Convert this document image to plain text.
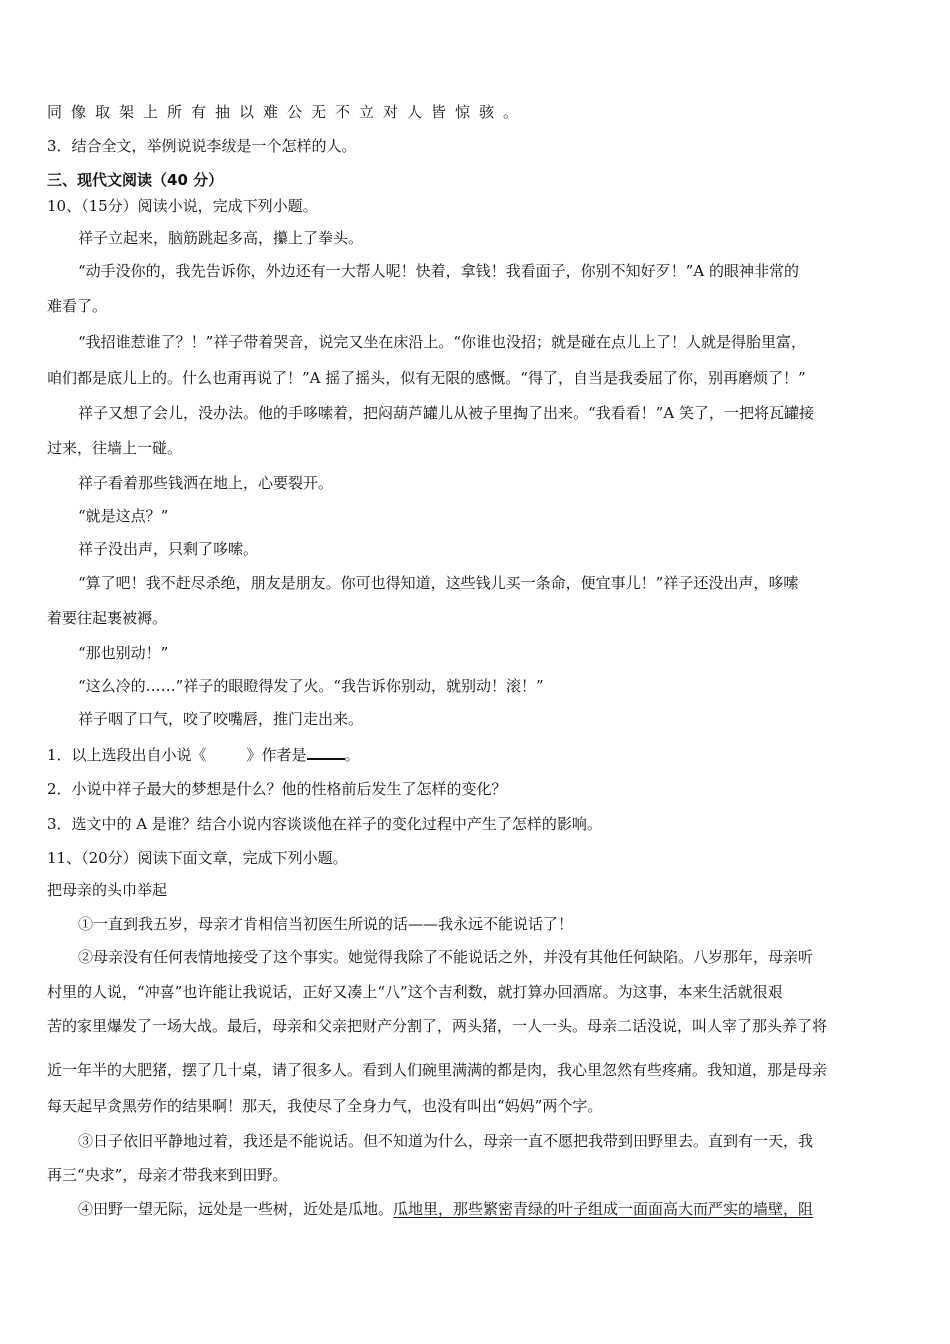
同像取架上所有抽以难公无不立对人皆惊骇。
3．结合全文，举例说说李绂是一个怎样的人。
三、现代文阅读（40 分）
10、（15分）阅读小说，完成下列小题。
祥子立起来，脑筋跳起多高，攥上了拳头。
“动手没你的，我先告诉你，外边还有一大帮人呢！快着，拿钱！我看面子，你别不知好歹！”A 的眼神非常的
难看了。
“我招谁惹谁了？！”祥子带着哭音，说完又坐在床沿上。“你谁也没招；就是碰在点儿上了！人就是得胎里富，
咱们都是底儿上的。什么也甭再说了！”A 摇了摇头，似有无限的感慨。“得了，自当是我委屈了你，别再磨烦了！”
祥子又想了会儿，没办法。他的手哆嗦着，把闷葫芦罐儿从被子里掏了出来。“我看看！”A 笑了，一把将瓦罐接
过来，往墙上一碰。
祥子看着那些钱洒在地上，心要裂开。
“就是这点？”
祥子没出声，只剩了哆嗦。
“算了吧！我不赶尽杀绝，朋友是朋友。你可也得知道，这些钱儿买一条命，便宜事儿！”祥子还没出声，哆嗦
着要往起裹被褥。
“那也别动！”
“这么冷的……”祥子的眼瞪得发了火。“我告诉你别动，就别动！滚！”
祥子咽了口气，咬了咬嘴唇，推门走出来。
1．以上选段出自小说《	》作者是	。
2．小说中祥子最大的梦想是什么？他的性格前后发生了怎样的变化？
3．选文中的 A 是谁？结合小说内容谈谈他在祥子的变化过程中产生了怎样的影响。
11、（20分）阅读下面文章，完成下列小题。
把母亲的头巾举起
①一直到我五岁，母亲才肯相信当初医生所说的话——我永远不能说话了！
②母亲没有任何表情地接受了这个事实。她觉得我除了不能说话之外，并没有其他任何缺陷。八岁那年，母亲听
村里的人说，“冲喜”也许能让我说话，正好又凑上“八”这个吉利数，就打算办回酒席。为这事，本来生活就很艰
苦的家里爆发了一场大战。最后，母亲和父亲把财产分割了，两头猪，一人一头。母亲二话没说，叫人宰了那头养了将
近一年半的大肥猪，摆了几十桌，请了很多人。看到人们碗里满满的都是肉，我心里忽然有些疼痛。我知道，那是母亲
每天起早贪黑劳作的结果啊！那天，我使尽了全身力气，也没有叫出“妈妈”两个字。
③日子依旧平静地过着，我还是不能说话。但不知道为什么，母亲一直不愿把我带到田野里去。直到有一天，我
再三“央求”，母亲才带我来到田野。
④田野一望无际，远处是一些树，近处是瓜地。瓜地里，那些繁密青绿的叶子组成一面面高大而严实的墙壁，阻
